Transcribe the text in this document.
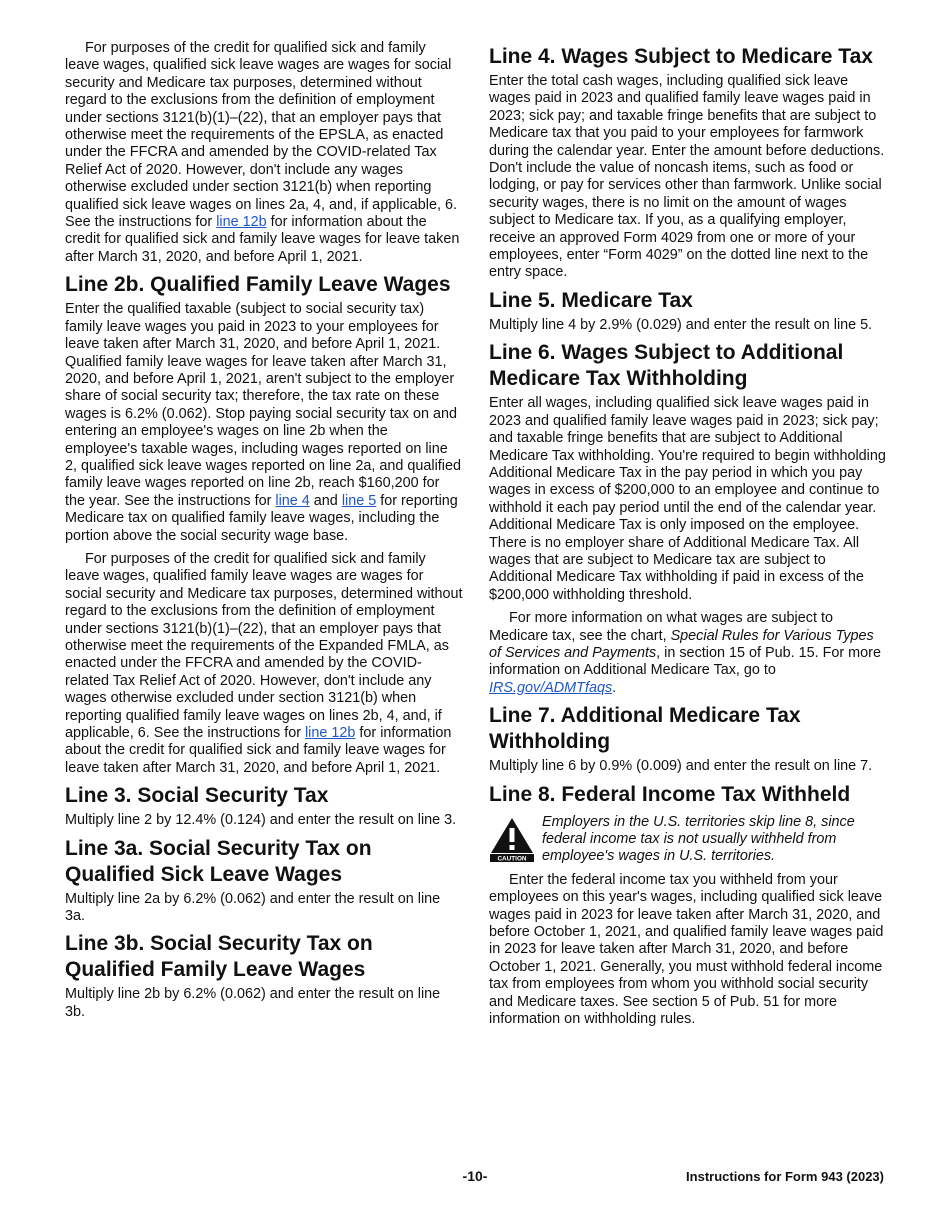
For purposes of the credit for qualified sick and family leave wages, qualified sick leave wages are wages for social security and Medicare tax purposes, determined without regard to the exclusions from the definition of employment under sections 3121(b)(1)–(22), that an employer pays that otherwise meet the requirements of the EPSLA, as enacted under the FFCRA and amended by the COVID-related Tax Relief Act of 2020. However, don't include any wages otherwise excluded under section 3121(b) when reporting qualified sick leave wages on lines 2a, 4, and, if applicable, 6. See the instructions for line 12b for information about the credit for qualified sick and family leave wages for leave taken after March 31, 2020, and before April 1, 2021.

Line 2b. Qualified Family Leave Wages

Enter the qualified taxable (subject to social security tax) family leave wages you paid in 2023 to your employees for leave taken after March 31, 2020, and before April 1, 2021. Qualified family leave wages for leave taken after March 31, 2020, and before April 1, 2021, aren't subject to the employer share of social security tax; therefore, the tax rate on these wages is 6.2% (0.062). Stop paying social security tax on and entering an employee's wages on line 2b when the employee's taxable wages, including wages reported on line 2, qualified sick leave wages reported on line 2a, and qualified family leave wages reported on line 2b, reach $160,200 for the year. See the instructions for line 4 and line 5 for reporting Medicare tax on qualified family leave wages, including the portion above the social security wage base.

For purposes of the credit for qualified sick and family leave wages, qualified family leave wages are wages for social security and Medicare tax purposes, determined without regard to the exclusions from the definition of employment under sections 3121(b)(1)–(22), that an employer pays that otherwise meet the requirements of the Expanded FMLA, as enacted under the FFCRA and amended by the COVID-related Tax Relief Act of 2020. However, don't include any wages otherwise excluded under section 3121(b) when reporting qualified family leave wages on lines 2b, 4, and, if applicable, 6. See the instructions for line 12b for information about the credit for qualified sick and family leave wages for leave taken after March 31, 2020, and before April 1, 2021.

Line 3. Social Security Tax

Multiply line 2 by 12.4% (0.124) and enter the result on line 3.

Line 3a. Social Security Tax on Qualified Sick Leave Wages

Multiply line 2a by 6.2% (0.062) and enter the result on line 3a.

Line 3b. Social Security Tax on Qualified Family Leave Wages

Multiply line 2b by 6.2% (0.062) and enter the result on line 3b.

Line 4. Wages Subject to Medicare Tax

Enter the total cash wages, including qualified sick leave wages paid in 2023 and qualified family leave wages paid in 2023; sick pay; and taxable fringe benefits that are subject to Medicare tax that you paid to your employees for farmwork during the calendar year. Enter the amount before deductions. Don't include the value of noncash items, such as food or lodging, or pay for services other than farmwork. Unlike social security wages, there is no limit on the amount of wages subject to Medicare tax. If you, as a qualifying employer, receive an approved Form 4029 from one or more of your employees, enter “Form 4029” on the dotted line next to the entry space.

Line 5. Medicare Tax

Multiply line 4 by 2.9% (0.029) and enter the result on line 5.

Line 6. Wages Subject to Additional Medicare Tax Withholding

Enter all wages, including qualified sick leave wages paid in 2023 and qualified family leave wages paid in 2023; sick pay; and taxable fringe benefits that are subject to Additional Medicare Tax withholding. You're required to begin withholding Additional Medicare Tax in the pay period in which you pay wages in excess of $200,000 to an employee and continue to withhold it each pay period until the end of the calendar year. Additional Medicare Tax is only imposed on the employee. There is no employer share of Additional Medicare Tax. All wages that are subject to Medicare tax are subject to Additional Medicare Tax withholding if paid in excess of the $200,000 withholding threshold.

For more information on what wages are subject to Medicare tax, see the chart, Special Rules for Various Types of Services and Payments, in section 15 of Pub. 15. For more information on Additional Medicare Tax, go to IRS.gov/ADMTfaqs.

Line 7. Additional Medicare Tax Withholding

Multiply line 6 by 0.9% (0.009) and enter the result on line 7.

Line 8. Federal Income Tax Withheld
CAUTION

Employers in the U.S. territories skip line 8, since federal income tax is not usually withheld from employee's wages in U.S. territories.

Enter the federal income tax you withheld from your employees on this year's wages, including qualified sick leave wages paid in 2023 for leave taken after March 31, 2020, and before October 1, 2021, and qualified family leave wages paid in 2023 for leave taken after March 31, 2020, and before October 1, 2021. Generally, you must withhold federal income tax from employees from whom you withhold social security and Medicare taxes. See section 5 of Pub. 51 for more information on withholding rules.

-10-	Instructions for Form 943 (2023)
